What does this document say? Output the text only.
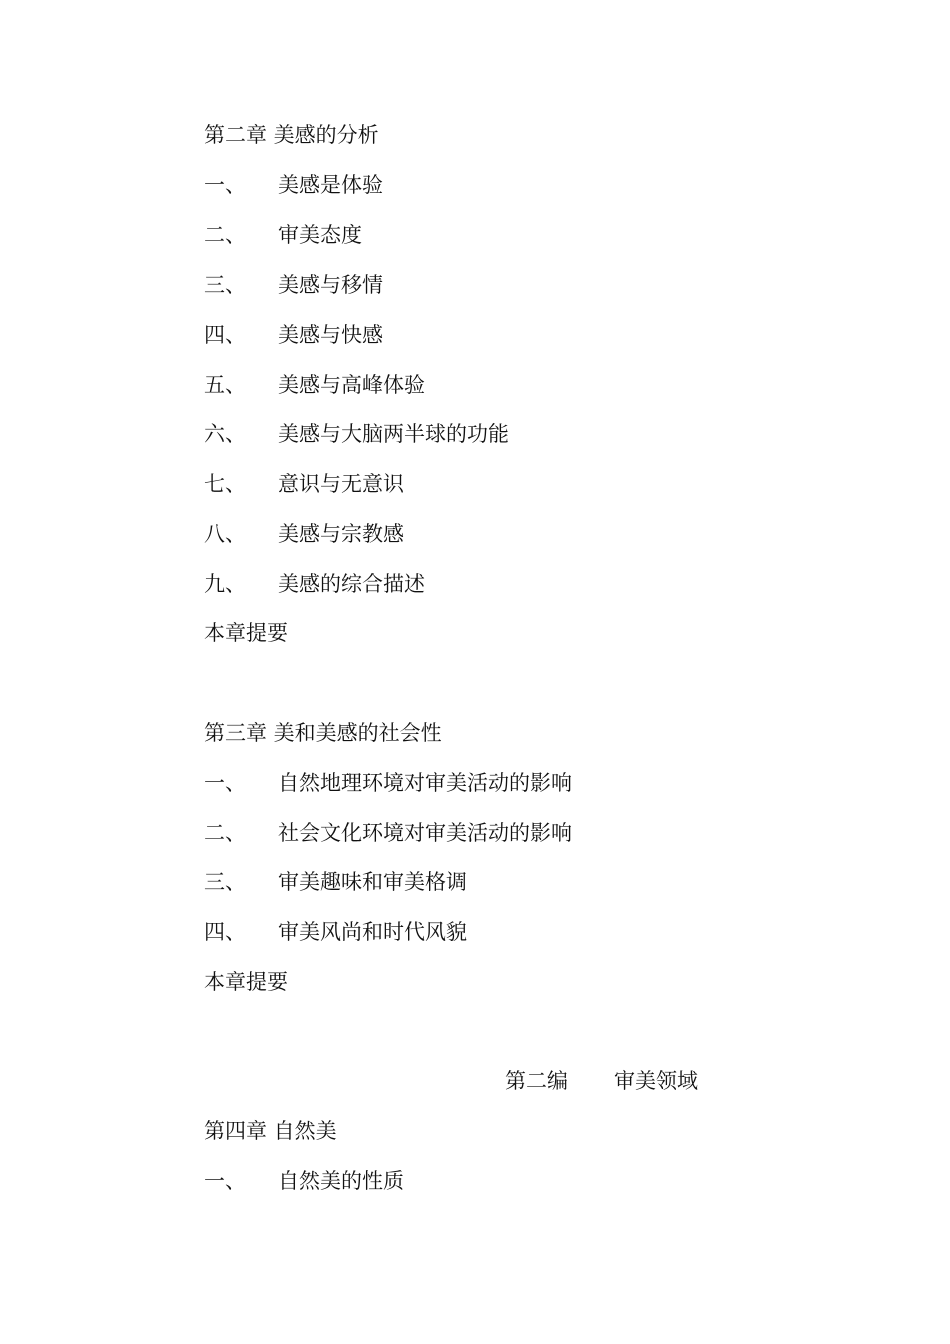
第二章 美感的分析
一、 美感是体验
二、 审美态度
三、 美感与移情
四、 美感与快感
五、 美感与高峰体验
六、 美感与大脑两半球的功能
七、 意识与无意识
八、 美感与宗教感
九、 美感的综合描述
本章提要
第三章 美和美感的社会性
一、 自然地理环境对审美活动的影响
二、 社会文化环境对审美活动的影响
三、 审美趣味和审美格调
四、 审美风尚和时代风貌
本章提要
第二编 审美领域
第四章 自然美
一、 自然美的性质
